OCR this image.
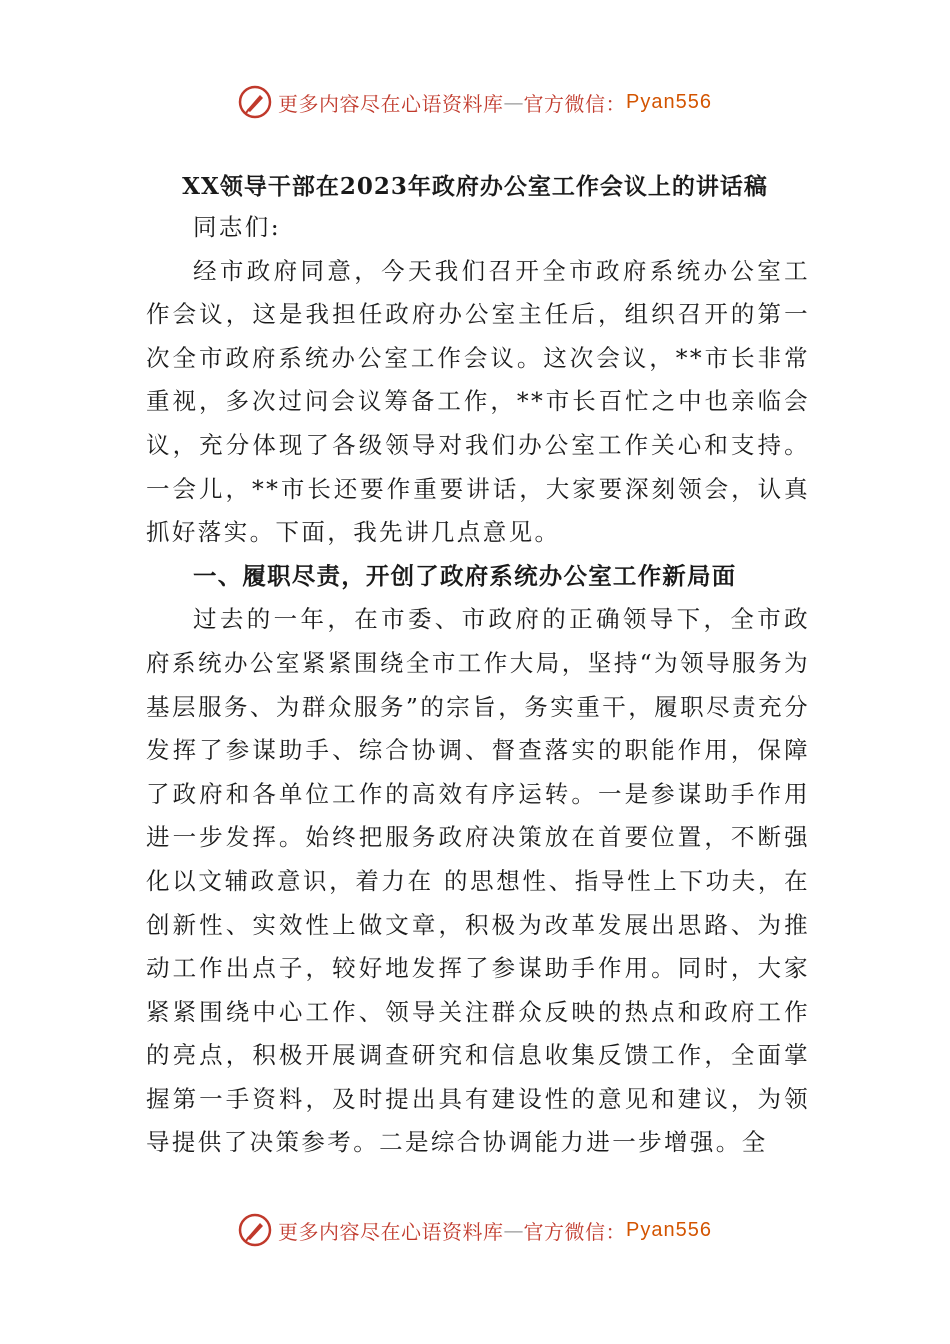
更多内容尽在心语资料库 — 官方微信： Pyan556
XX领导干部在2023年政府办公室工作会议上的讲话稿

同志们:

经市政府同意，今天我们召开全市政府系统办公室工作会议，这是我担任政府办公室主任后，组织召开的第一次全市政府系统办公室工作会议。这次会议，**市长非常重视，多次过问会议筹备工作，**市长百忙之中也亲临会议，充分体现了各级领导对我们办公室工作关心和支持。一会儿，**市长还要作重要讲话，大家要深刻领会，认真抓好落实。下面，我先讲几点意见。

一、履职尽责，开创了政府系统办公室工作新局面

过去的一年，在市委、市政府的正确领导下，全市政府系统办公室紧紧围绕全市工作大局，坚持“为领导服务为基层服务、为群众服务”的宗旨，务实重干，履职尽责充分发挥了参谋助手、综合协调、督查落实的职能作用，保障了政府和各单位工作的高效有序运转。一是参谋助手作用进一步发挥。始终把服务政府决策放在首要位置，不断强化以文辅政意识，着力在 的思想性、指导性上下功夫，在创新性、实效性上做文章，积极为改革发展出思路、为推动工作出点子，较好地发挥了参谋助手作用。同时，大家紧紧围绕中心工作、领导关注群众反映的热点和政府工作的亮点，积极开展调查研究和信息收集反馈工作，全面掌握第一手资料，及时提出具有建设性的意见和建议，为领导提供了决策参考。二是综合协调能力进一步增强。全

更多内容尽在心语资料库 — 官方微信： Pyan556
